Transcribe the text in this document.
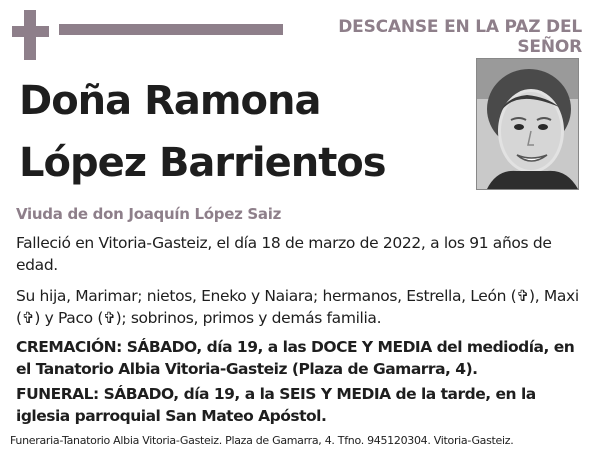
DESCANSE EN LA PAZ DEL SEÑOR
Doña Ramona
López Barrientos
Viuda de don Joaquín López Saiz
Falleció en Vitoria-Gasteiz, el día 18 de marzo de 2022, a los 91 años de edad.
Su hija, Marimar; nietos, Eneko y Naiara; hermanos, Estrella, León (✞), Maxi (✞) y Paco (✞); sobrinos, primos y demás familia.
CREMACIÓN: SÁBADO, día 19, a las DOCE Y MEDIA del mediodía, en el Tanatorio Albia Vitoria-Gasteiz (Plaza de Gamarra, 4).
FUNERAL: SÁBADO, día 19, a la SEIS Y MEDIA de la tarde, en la iglesia parroquial San Mateo Apóstol.
Funeraria-Tanatorio Albia Vitoria-Gasteiz. Plaza de Gamarra, 4. Tfno. 945120304. Vitoria-Gasteiz.
